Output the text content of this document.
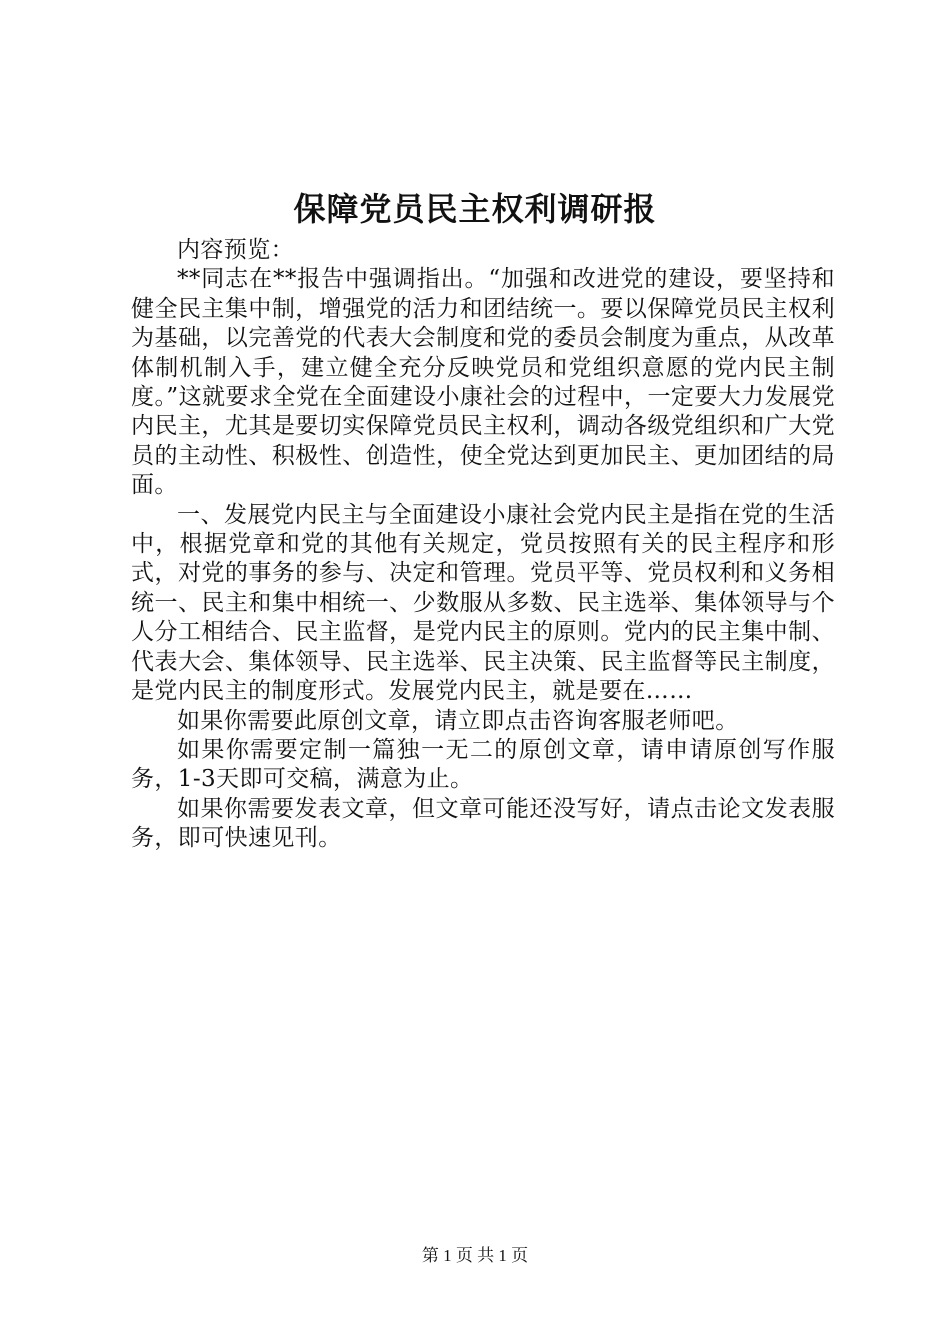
保障党员民主权利调研报

内容预览：

**同志在**报告中强调指出。“加强和改进党的建设，要坚持和健全民主集中制，增强党的活力和团结统一。要以保障党员民主权利为基础，以完善党的代表大会制度和党的委员会制度为重点，从改革体制机制入手，建立健全充分反映党员和党组织意愿的党内民主制度。”这就要求全党在全面建设小康社会的过程中，一定要大力发展党内民主，尤其是要切实保障党员民主权利，调动各级党组织和广大党员的主动性、积极性、创造性，使全党达到更加民主、更加团结的局面。

一、发展党内民主与全面建设小康社会党内民主是指在党的生活中，根据党章和党的其他有关规定，党员按照有关的民主程序和形式，对党的事务的参与、决定和管理。党员平等、党员权利和义务相统一、民主和集中相统一、少数服从多数、民主选举、集体领导与个人分工相结合、民主监督，是党内民主的原则。党内的民主集中制、代表大会、集体领导、民主选举、民主决策、民主监督等民主制度，是党内民主的制度形式。发展党内民主，就是要在……

如果你需要此原创文章，请立即点击咨询客服老师吧。

如果你需要定制一篇独一无二的原创文章，请申请原创写作服务，1-3天即可交稿，满意为止。

如果你需要发表文章，但文章可能还没写好，请点击论文发表服务，即可快速见刊。

第 1 页 共 1 页
